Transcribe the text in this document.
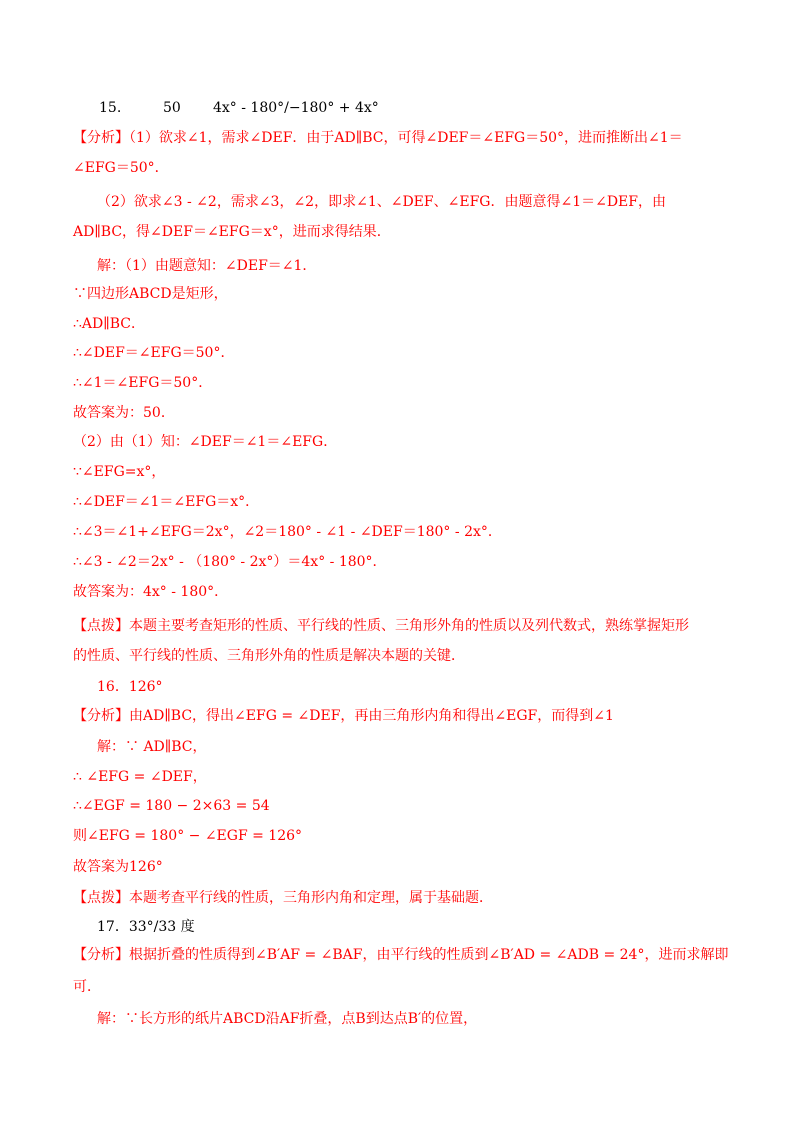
15.	50 4x° - 180°/−180° + 4x°
【分析】（1）欲求∠1，需求∠DEF．由于AD∥BC，可得∠DEF＝∠EFG＝50°，进而推断出∠1＝
∠EFG＝50°．
（2）欲求∠3 - ∠2，需求∠3，∠2，即求∠1、∠DEF、∠EFG．由题意得∠1＝∠DEF，由
AD∥BC，得∠DEF＝∠EFG＝x°，进而求得结果．
解：（1）由题意知：∠DEF＝∠1．
∵四边形ABCD是矩形，
∴AD∥BC．
∴∠DEF＝∠EFG＝50°．
∴∠1＝∠EFG＝50°．
故答案为：50．
（2）由（1）知：∠DEF＝∠1＝∠EFG．
∵∠EFG=x°，
∴∠DEF＝∠1＝∠EFG＝x°．
∴∠3＝∠1+∠EFG＝2x°，∠2＝180° - ∠1 - ∠DEF＝180° - 2x°．
∴∠3 - ∠2＝2x° - （180° - 2x°）＝4x° - 180°．
故答案为：4x° - 180°．
【点拨】本题主要考查矩形的性质、平行线的性质、三角形外角的性质以及列代数式，熟练掌握矩形
的性质、平行线的性质、三角形外角的性质是解决本题的关键．
16．126°
【分析】由AD∥BC，得出∠EFG = ∠DEF，再由三角形内角和得出∠EGF，而得到∠1
解：∵ AD∥BC，
∴ ∠EFG = ∠DEF，
∴∠EGF = 180 − 2×63 = 54
则∠EFG = 180° − ∠EGF = 126°
故答案为126°
【点拨】本题考查平行线的性质，三角形内角和定理，属于基础题．
17．33°/33 度
【分析】根据折叠的性质得到∠B′AF = ∠BAF，由平行线的性质到∠B′AD = ∠ADB = 24°，进而求解即
可．
解：∵长方形的纸片ABCD沿AF折叠，点B到达点B′的位置，
